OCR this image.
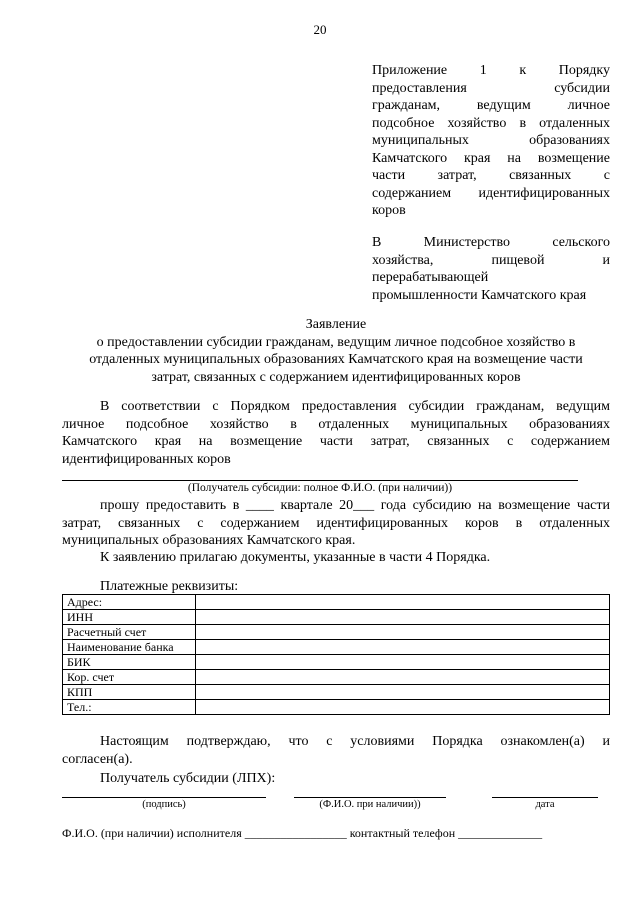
20
Приложение 1 к Порядку
предоставления субсидии
гражданам, ведущим личное
подсобное хозяйство в отдаленных
муниципальных образованиях
Камчатского края на возмещение
части затрат, связанных с
содержанием идентифицированных
коров
В Министерство сельского
хозяйства, пищевой и
перерабатывающей
промышленности Камчатского края
Заявление
о предоставлении субсидии гражданам, ведущим личное подсобное хозяйство в
отдаленных муниципальных образованиях Камчатского края на возмещение части
затрат, связанных с содержанием идентифицированных коров
В соответствии с Порядком предоставления субсидии гражданам, ведущим
личное подсобное хозяйство в отдаленных муниципальных образованиях
Камчатского края на возмещение части затрат, связанных с содержанием
идентифицированных коров
(Получатель субсидии: полное Ф.И.О. (при наличии))
прошу предоставить в ____ квартале 20___ года субсидию на возмещение части
затрат, связанных с содержанием идентифицированных коров в отдаленных
муниципальных образованиях Камчатского края.
К заявлению прилагаю документы, указанные в части 4 Порядка.
Платежные реквизиты:
Адрес:	
ИНН	
Расчетный счет	
Наименование банка	
БИК	
Кор. счет	
КПП	
Тел.:	
Настоящим подтверждаю, что с условиями Порядка ознакомлен(а) и
согласен(а).
Получатель субсидии (ЛПХ):
(подпись)	(Ф.И.О. при наличии))	дата
Ф.И.О. (при наличии) исполнителя _________________ контактный телефон ______________
